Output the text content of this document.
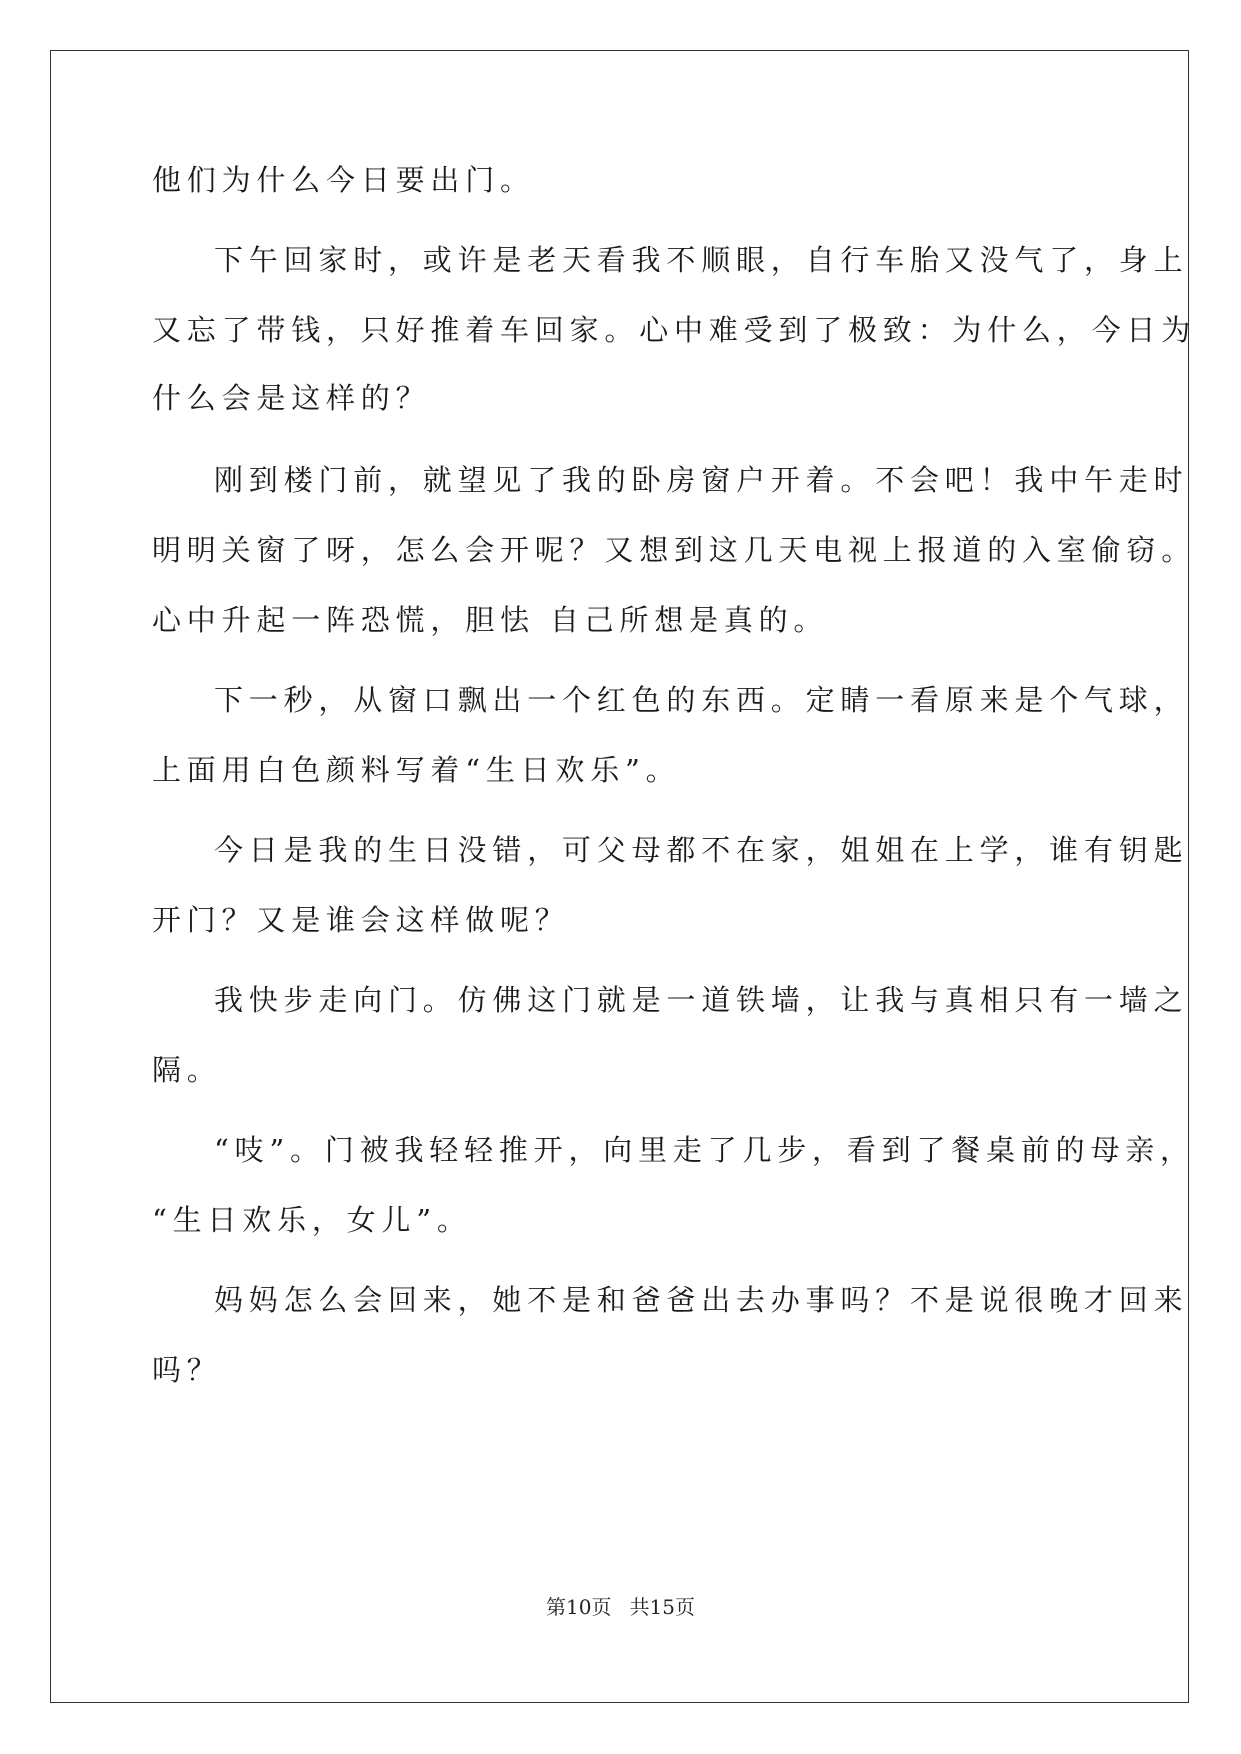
他们为什么今日要出门。
下午回家时，或许是老天看我不顺眼，自行车胎又没气了，身上
又忘了带钱，只好推着车回家。心中难受到了极致：为什么，今日为
什么会是这样的？
刚到楼门前，就望见了我的卧房窗户开着。不会吧！我中午走时
明明关窗了呀，怎么会开呢？又想到这几天电视上报道的入室偷窃。
心中升起一阵恐慌，胆怯 自己所想是真的。
下一秒，从窗口飘出一个红色的东西。定睛一看原来是个气球，
上面用白色颜料写着“生日欢乐”。
今日是我的生日没错，可父母都不在家，姐姐在上学，谁有钥匙
开门？又是谁会这样做呢？
我快步走向门。仿佛这门就是一道铁墙，让我与真相只有一墙之
隔。
“吱”。门被我轻轻推开，向里走了几步，看到了餐桌前的母亲，
“生日欢乐，女儿”。
妈妈怎么会回来，她不是和爸爸出去办事吗？不是说很晚才回来
吗？
第10页 共15页
